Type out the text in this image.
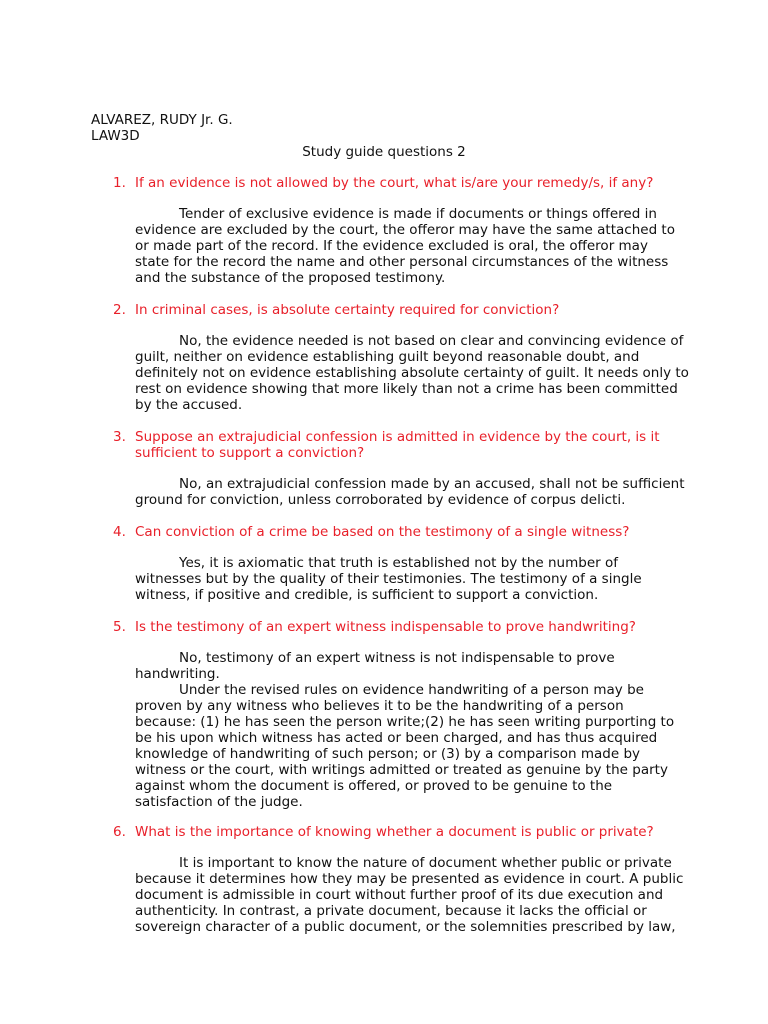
ALVAREZ, RUDY Jr. G.
LAW3D
Study guide questions 2
1. If an evidence is not allowed by the court, what is/are your remedy/s, if any?
Tender of exclusive evidence is made if documents or things offered in
evidence are excluded by the court, the offeror may have the same attached to
or made part of the record. If the evidence excluded is oral, the offeror may
state for the record the name and other personal circumstances of the witness
and the substance of the proposed testimony.
2. In criminal cases, is absolute certainty required for conviction?
No, the evidence needed is not based on clear and convincing evidence of
guilt, neither on evidence establishing guilt beyond reasonable doubt, and
definitely not on evidence establishing absolute certainty of guilt. It needs only to
rest on evidence showing that more likely than not a crime has been committed
by the accused.
3. Suppose an extrajudicial confession is admitted in evidence by the court, is it
sufficient to support a conviction?
No, an extrajudicial confession made by an accused, shall not be sufficient
ground for conviction, unless corroborated by evidence of corpus delicti.
4. Can conviction of a crime be based on the testimony of a single witness?
Yes, it is axiomatic that truth is established not by the number of
witnesses but by the quality of their testimonies. The testimony of a single
witness, if positive and credible, is sufficient to support a conviction.
5. Is the testimony of an expert witness indispensable to prove handwriting?
No, testimony of an expert witness is not indispensable to prove
handwriting.
Under the revised rules on evidence handwriting of a person may be
proven by any witness who believes it to be the handwriting of a person
because: (1) he has seen the person write;(2) he has seen writing purporting to
be his upon which witness has acted or been charged, and has thus acquired
knowledge of handwriting of such person; or (3) by a comparison made by
witness or the court, with writings admitted or treated as genuine by the party
against whom the document is offered, or proved to be genuine to the
satisfaction of the judge.
6. What is the importance of knowing whether a document is public or private?
It is important to know the nature of document whether public or private
because it determines how they may be presented as evidence in court. A public
document is admissible in court without further proof of its due execution and
authenticity. In contrast, a private document, because it lacks the official or
sovereign character of a public document, or the solemnities prescribed by law,
